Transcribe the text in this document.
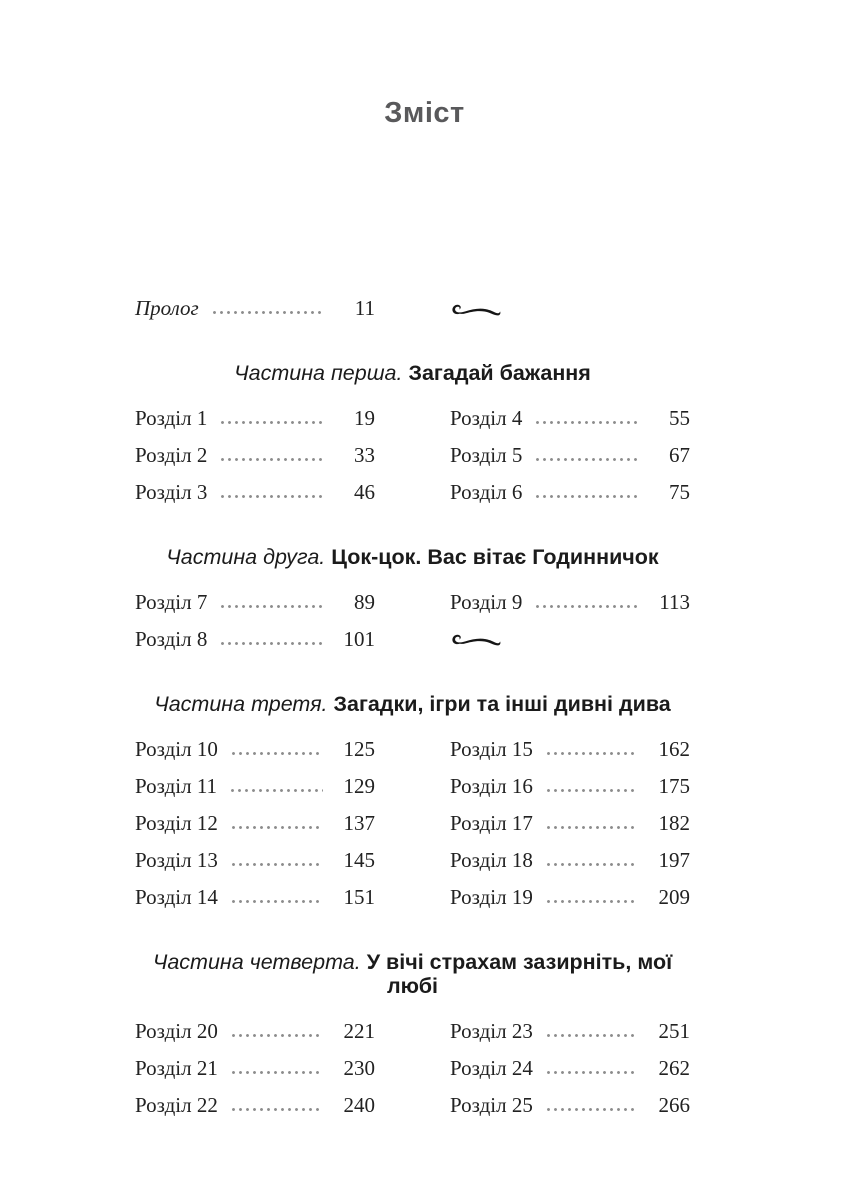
Зміст
Пролог	11
Частина перша. Загадай бажання
Розділ 1	19
Розділ 2	33
Розділ 3	46
Розділ 4	55
Розділ 5	67
Розділ 6	75
Частина друга. Цок-цок. Вас вітає Годинничок
Розділ 7	89
Розділ 8	101
Розділ 9	113
Частина третя. Загадки, ігри та інші дивні дива
Розділ 10	125
Розділ 11	129
Розділ 12	137
Розділ 13	145
Розділ 14	151
Розділ 15	162
Розділ 16	175
Розділ 17	182
Розділ 18	197
Розділ 19	209
Частина четверта. У вічі страхам зазирніть, мої любі
Розділ 20	221
Розділ 21	230
Розділ 22	240
Розділ 23	251
Розділ 24	262
Розділ 25	266
